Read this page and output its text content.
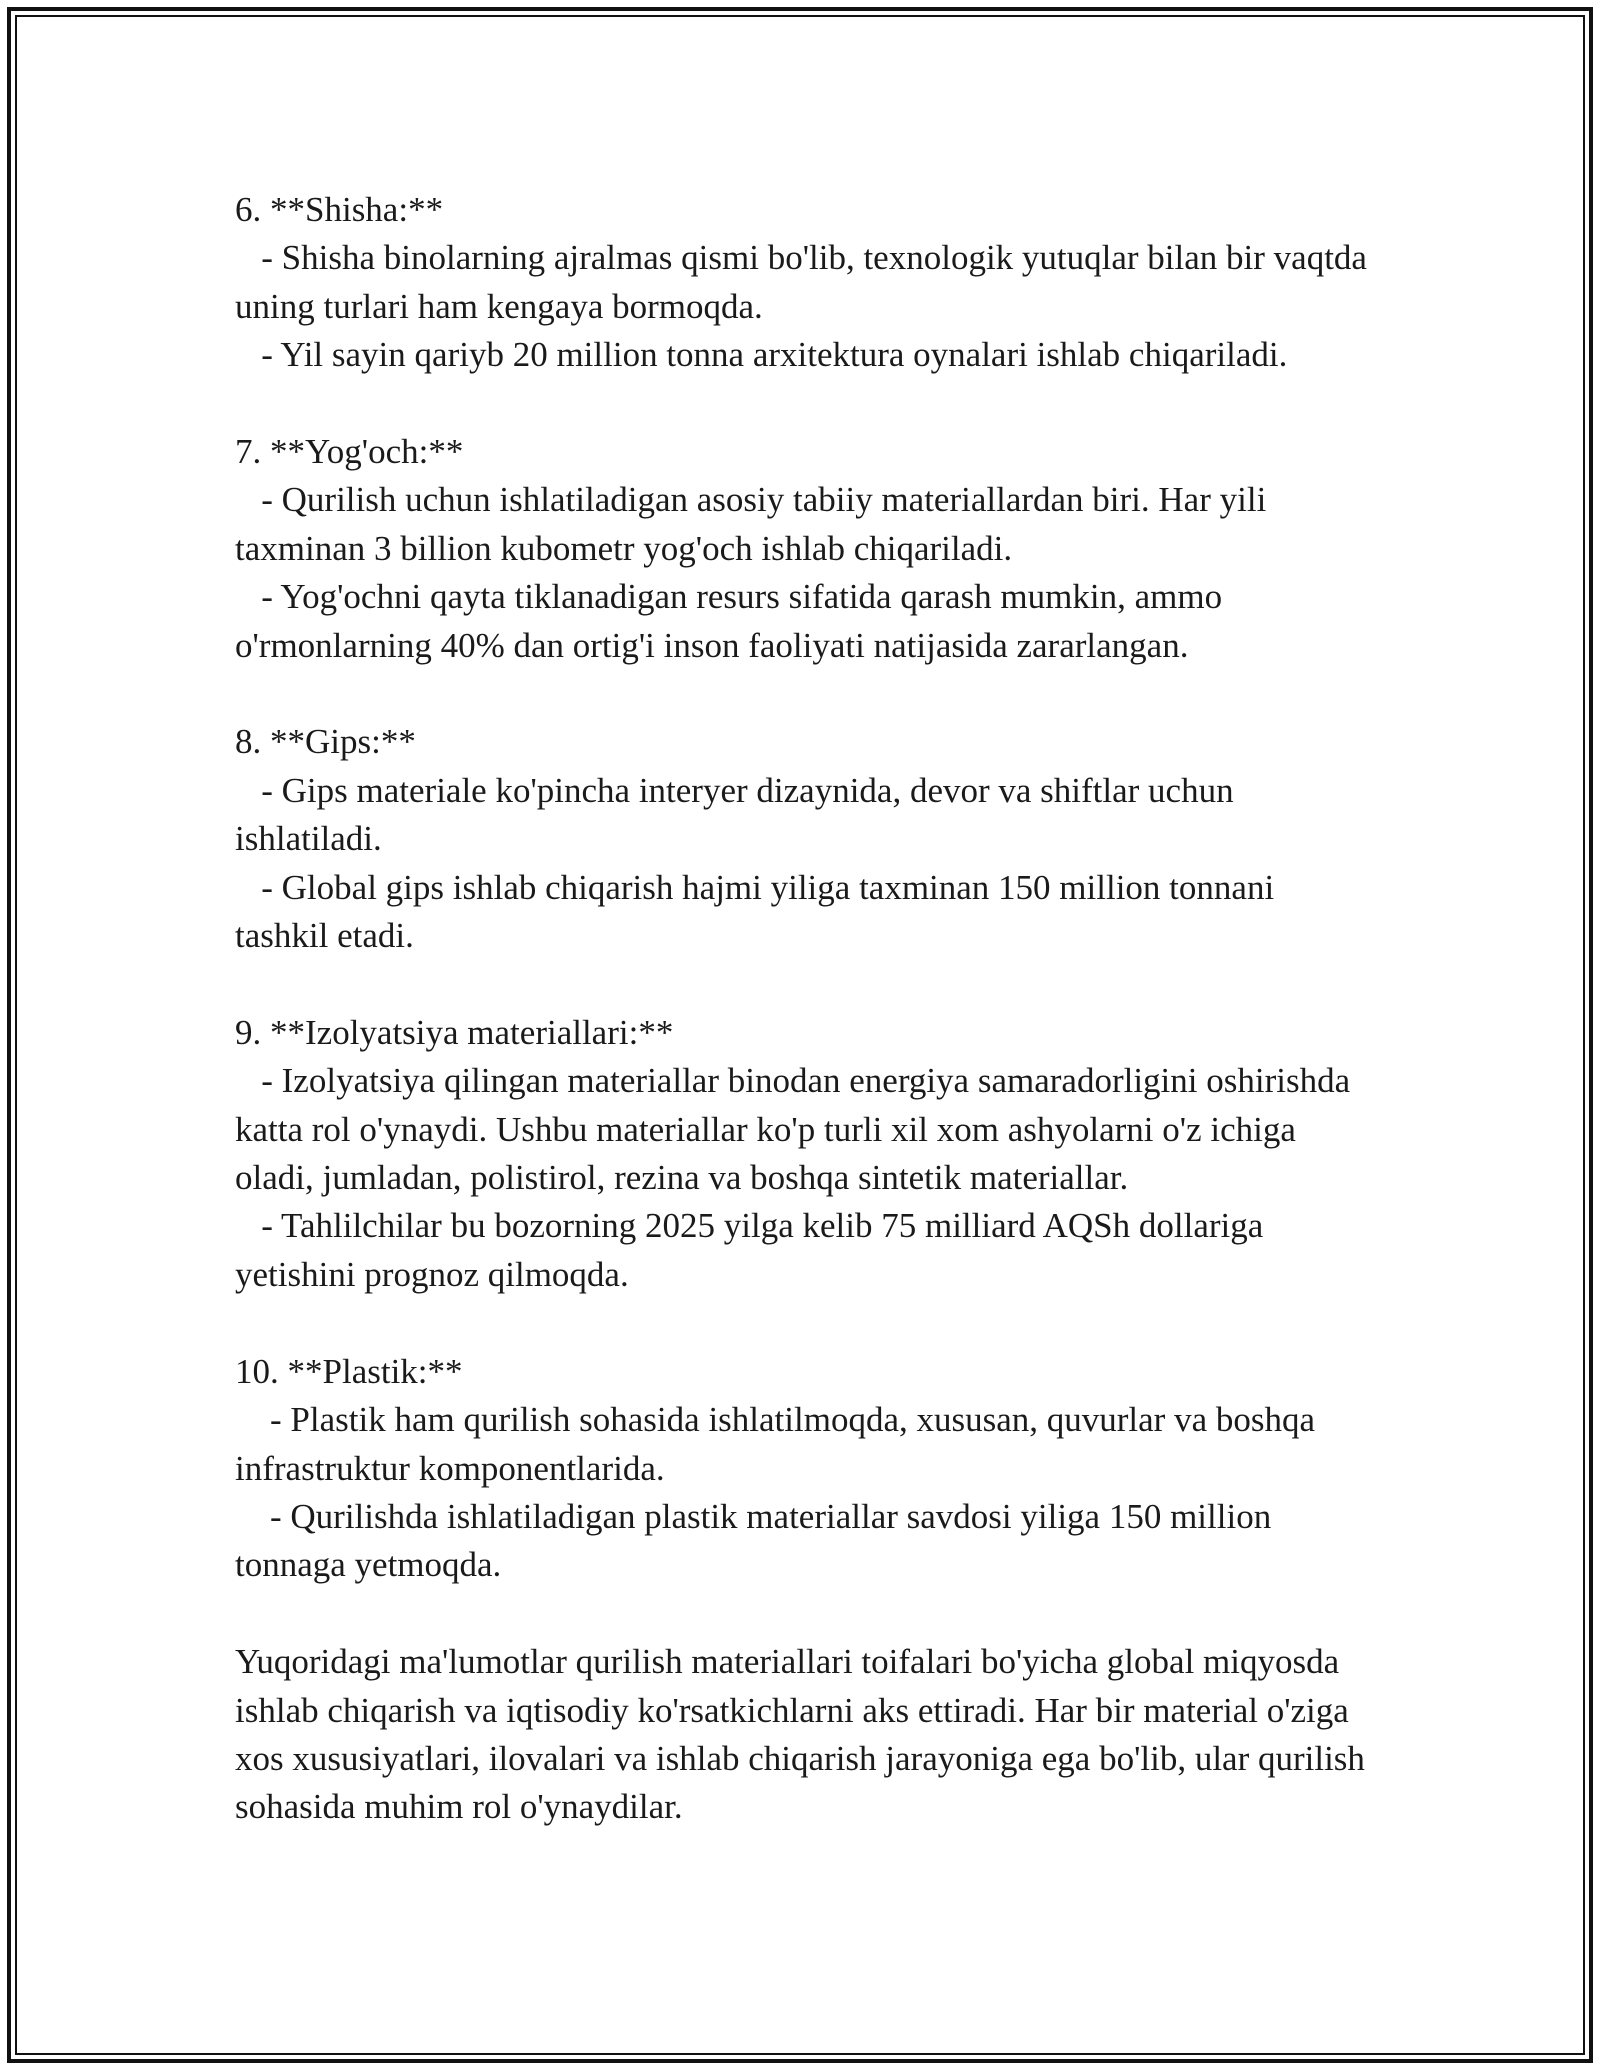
6. **Shisha:**

- Shisha binolarning ajralmas qismi bo'lib, texnologik yutuqlar bilan bir vaqtda uning turlari ham kengaya bormoqda.

- Yil sayin qariyb 20 million tonna arxitektura oynalari ishlab chiqariladi.

7. **Yog'och:**

- Qurilish uchun ishlatiladigan asosiy tabiiy materiallardan biri. Har yili taxminan 3 billion kubometr yog'och ishlab chiqariladi.

- Yog'ochni qayta tiklanadigan resurs sifatida qarash mumkin, ammo o'rmonlarning 40% dan ortig'i inson faoliyati natijasida zararlangan.

8. **Gips:**

- Gips materiale ko'pincha interyer dizaynida, devor va shiftlar uchun ishlatiladi.

- Global gips ishlab chiqarish hajmi yiliga taxminan 150 million tonnani tashkil etadi.

9. **Izolyatsiya materiallari:**

- Izolyatsiya qilingan materiallar binodan energiya samaradorligini oshirishda katta rol o'ynaydi. Ushbu materiallar ko'p turli xil xom ashyolarni o'z ichiga oladi, jumladan, polistirol, rezina va boshqa sintetik materiallar.

- Tahlilchilar bu bozorning 2025 yilga kelib 75 milliard AQSh dollariga yetishini prognoz qilmoqda.

10. **Plastik:**

- Plastik ham qurilish sohasida ishlatilmoqda, xususan, quvurlar va boshqa infrastruktur komponentlarida.

- Qurilishda ishlatiladigan plastik materiallar savdosi yiliga 150 million tonnaga yetmoqda.

Yuqoridagi ma'lumotlar qurilish materiallari toifalari bo'yicha global miqyosda ishlab chiqarish va iqtisodiy ko'rsatkichlarni aks ettiradi. Har bir material o'ziga xos xususiyatlari, ilovalari va ishlab chiqarish jarayoniga ega bo'lib, ular qurilish sohasida muhim rol o'ynaydilar.
